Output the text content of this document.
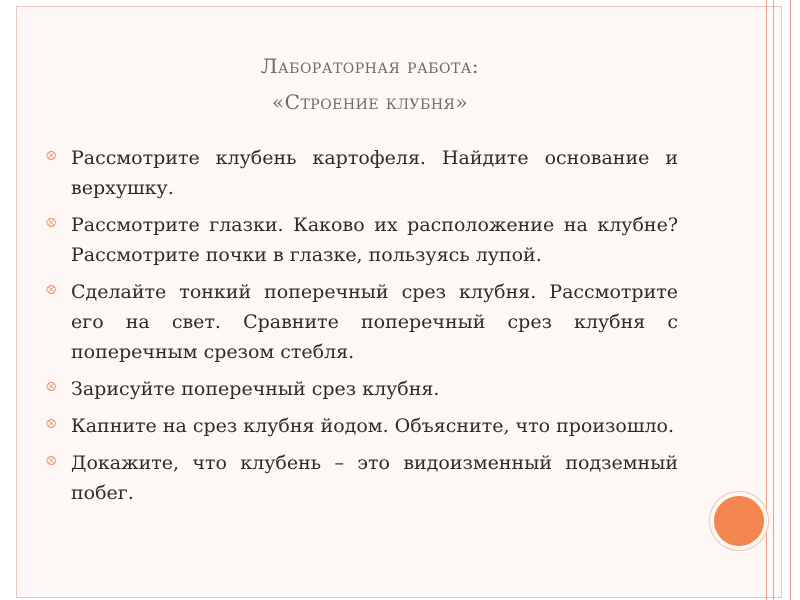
Лабораторная работа:
«Строение клубня»
⮾ Рассмотрите клубень картофеля. Найдите основание и верхушку.
⮾ Рассмотрите глазки. Каково их расположение на клубне? Рассмотрите почки в глазке, пользуясь лупой.
⮾ Сделайте тонкий поперечный срез клубня. Рассмотрите его на свет. Сравните поперечный срез клубня с поперечным срезом стебля.
⮾ Зарисуйте поперечный срез клубня.
⮾ Капните на срез клубня йодом. Объясните, что произошло.
⮾ Докажите, что клубень – это видоизменный подземный побег.
